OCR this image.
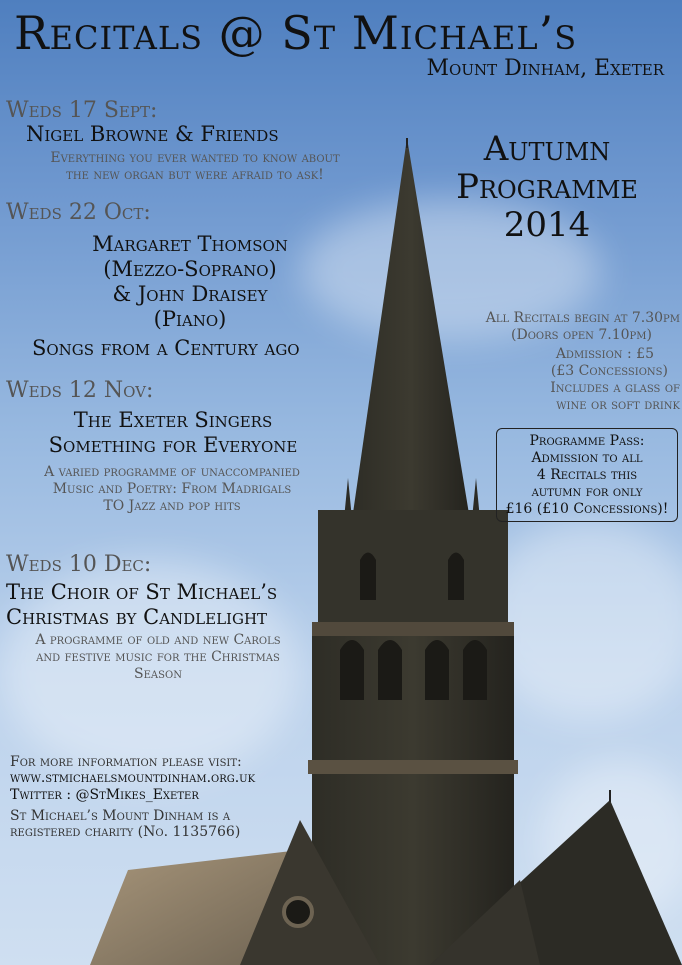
Recitals @ St Michael’s
Mount Dinham, Exeter
Weds 17 Sept:
Nigel Browne & Friends
Everything you ever wanted to know about
the new organ but were afraid to ask!
Weds 22 Oct:
Margaret Thomson
(Mezzo-Soprano)
& John Draisey
(Piano)
Songs from a Century ago
Weds 12 Nov:
The Exeter Singers
Something for Everyone
A varied programme of unaccompanied
Music and Poetry: From Madrigals
TO Jazz and pop hits
Weds 10 Dec:
The Choir of St Michael’s
Christmas by Candlelight
A programme of old and new Carols
and festive music for the Christmas
Season
Autumn
Programme
2014
All Recitals begin at 7.30pm
(Doors open 7.10pm)
Admission : £5
(£3 Concessions)
Includes a glass of
wine or soft drink
Programme Pass:
Admission to all
4 Recitals this
autumn for only
£16 (£10 Concessions)!
For more information please visit:
www.stmichaelsmountdinham.org.uk
Twitter : @StMikes_Exeter
St Michael’s Mount Dinham is a
registered charity (No. 1135766)
